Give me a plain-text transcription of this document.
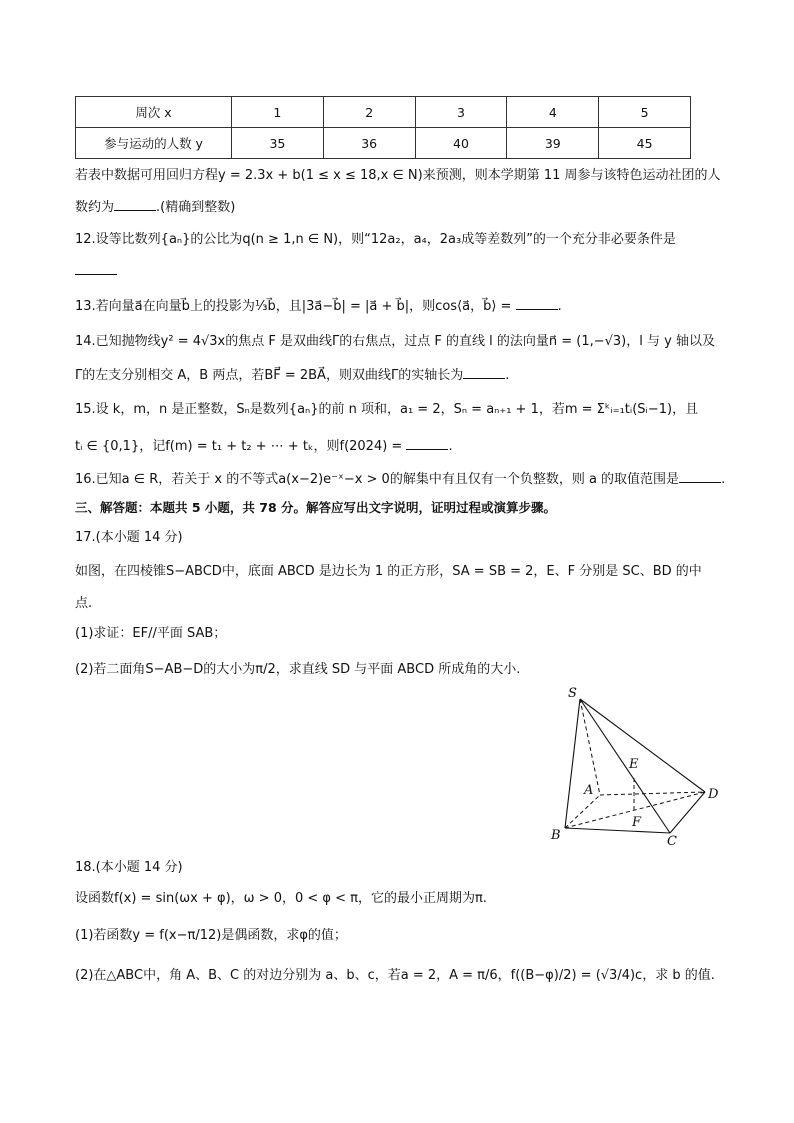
周次 x	1	2	3	4	5
参与运动的人数 y	35	36	40	39	45
若表中数据可用回归方程y = 2.3x + b(1 ≤ x ≤ 18,x ∈ N)来预测，则本学期第 11 周参与该特色运动社团的人
数约为	.(精确到整数)
12.设等比数列{aₙ}的公比为q(n ≥ 1,n ∈ N)，则“12a₂，a₄，2a₃成等差数列”的一个充分非必要条件是
13.若向量a⃗在向量b⃗上的投影为⅓b⃗，且|3a⃗−b⃗| = |a⃗ + b⃗|，则cos⟨a⃗，b⃗⟩ =	.
14.已知抛物线y² = 4√3x的焦点 F 是双曲线Γ的右焦点，过点 F 的直线 l 的法向量n⃗ = (1,−√3)，l 与 y 轴以及
Γ的左支分别相交 A，B 两点，若BF⃗ = 2BA⃗，则双曲线Γ的实轴长为	.
15.设 k，m，n 是正整数，Sₙ是数列{aₙ}的前 n 项和，a₁ = 2，Sₙ = aₙ₊₁ + 1，若m = Σᵏᵢ₌₁tᵢ(Sᵢ−1)，且
tᵢ ∈ {0,1}，记f(m) = t₁ + t₂ + ⋯ + tₖ，则f(2024) =	.
16.已知a ∈ R，若关于 x 的不等式a(x−2)e⁻ˣ−x > 0的解集中有且仅有一个负整数，则 a 的取值范围是	.
三、解答题：本题共 5 小题，共 78 分。解答应写出文字说明，证明过程或演算步骤。
17.(本小题 14 分)
如图，在四棱锥S−ABCD中，底面 ABCD 是边长为 1 的正方形，SA = SB = 2，E、F 分别是 SC、BD 的中
点.
(1)求证：EF//平面 SAB；
(2)若二面角S−AB−D的大小为π/2，求直线 SD 与平面 ABCD 所成角的大小.
S
A
B	C
D
E
F
18.(本小题 14 分)
设函数f(x) = sin(ωx + φ)，ω > 0，0 < φ < π，它的最小正周期为π.
(1)若函数y = f(x−π/12)是偶函数，求φ的值；
(2)在△ABC中，角 A、B、C 的对边分别为 a、b、c，若a = 2，A = π/6，f((B−φ)/2) = (√3/4)c，求 b 的值.
